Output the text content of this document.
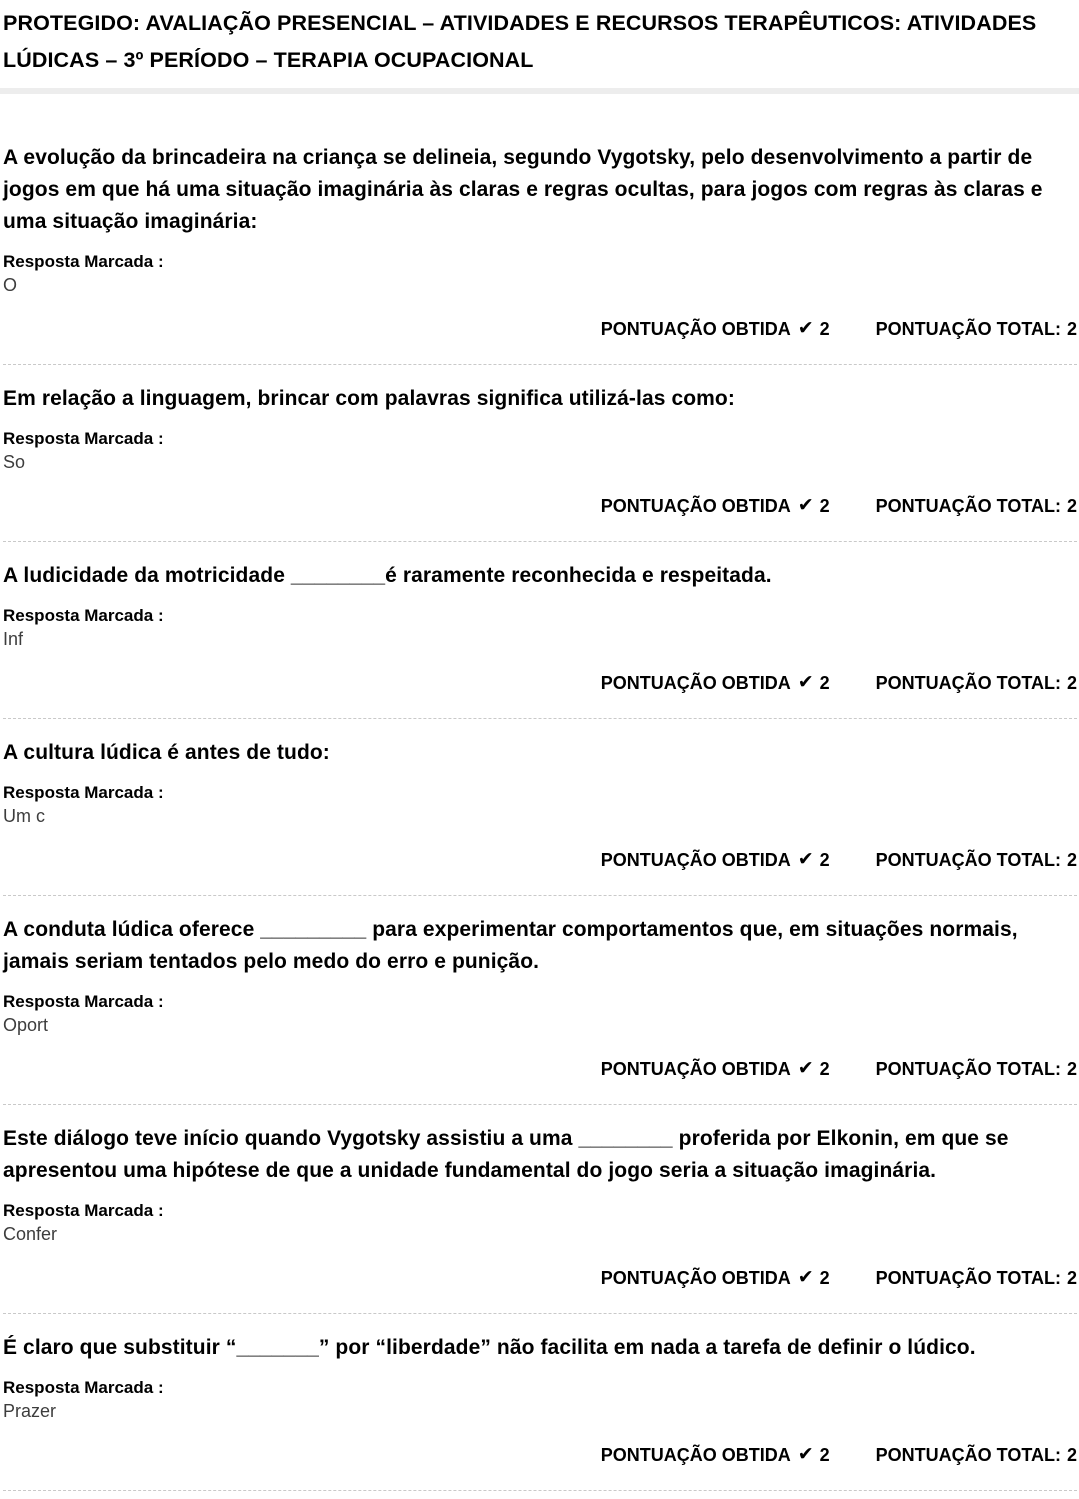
PROTEGIDO: AVALIAÇÃO PRESENCIAL – ATIVIDADES E RECURSOS TERAPÊUTICOS: ATIVIDADES LÚDICAS – 3º PERÍODO – TERAPIA OCUPACIONAL
A evolução da brincadeira na criança se delineia, segundo Vygotsky, pelo desenvolvimento a partir de jogos em que há uma situação imaginária às claras e regras ocultas, para jogos com regras às claras e uma situação imaginária:
Resposta Marcada :
O
PONTUAÇÃO OBTIDA ✔ 2	PONTUAÇÃO TOTAL: 2
Em relação a linguagem, brincar com palavras significa utilizá-las como:
Resposta Marcada :
So
PONTUAÇÃO OBTIDA ✔ 2	PONTUAÇÃO TOTAL: 2
A ludicidade da motricidade ________é raramente reconhecida e respeitada.
Resposta Marcada :
Inf
PONTUAÇÃO OBTIDA ✔ 2	PONTUAÇÃO TOTAL: 2
A cultura lúdica é antes de tudo:
Resposta Marcada :
Um c
PONTUAÇÃO OBTIDA ✔ 2	PONTUAÇÃO TOTAL: 2
A conduta lúdica oferece _________ para experimentar comportamentos que, em situações normais, jamais seriam tentados pelo medo do erro e punição.
Resposta Marcada :
Oport
PONTUAÇÃO OBTIDA ✔ 2	PONTUAÇÃO TOTAL: 2
Este diálogo teve início quando Vygotsky assistiu a uma ________ proferida por Elkonin, em que se apresentou uma hipótese de que a unidade fundamental do jogo seria a situação imaginária.
Resposta Marcada :
Confer
PONTUAÇÃO OBTIDA ✔ 2	PONTUAÇÃO TOTAL: 2
É claro que substituir “_______” por “liberdade” não facilita em nada a tarefa de definir o lúdico.
Resposta Marcada :
Prazer
PONTUAÇÃO OBTIDA ✔ 2	PONTUAÇÃO TOTAL: 2
